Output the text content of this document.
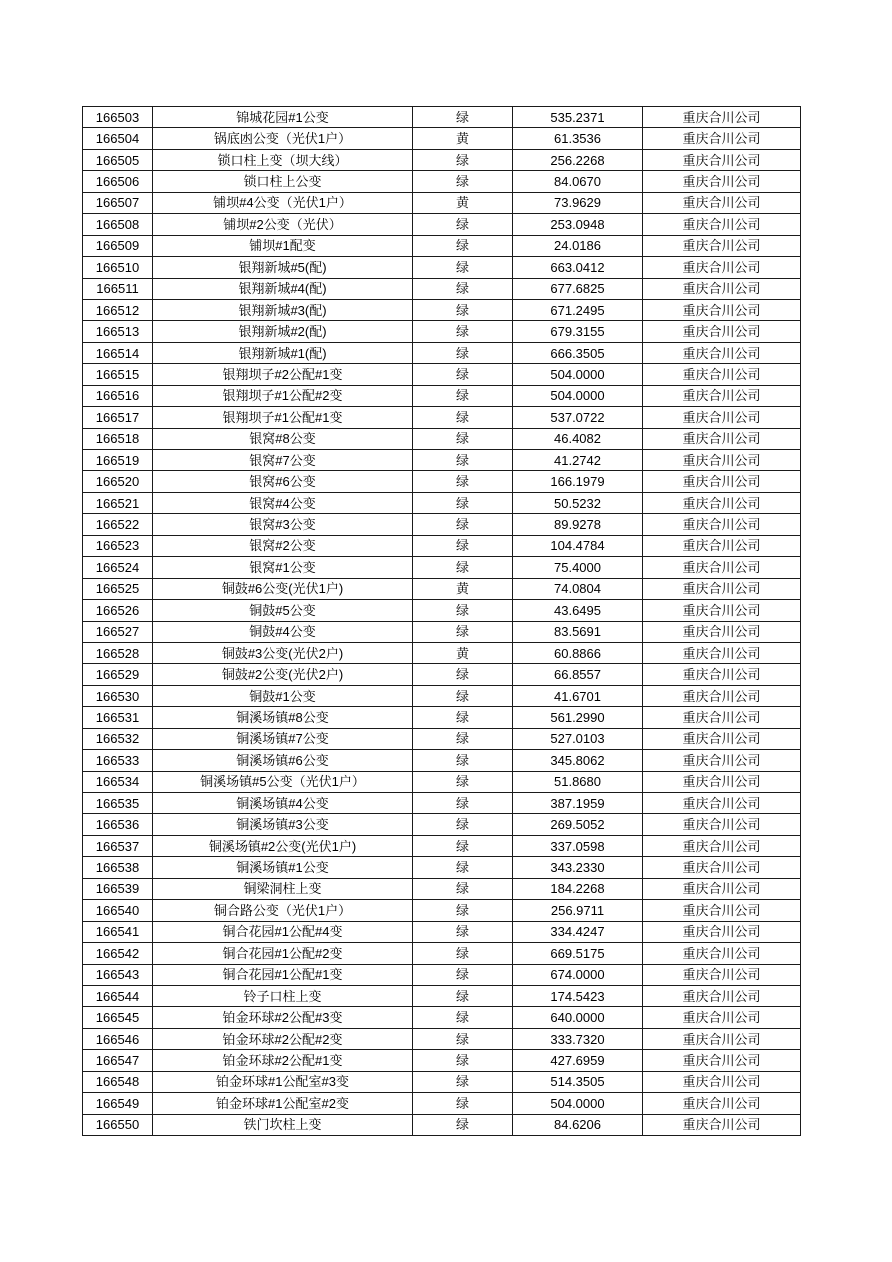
166503	锦城花园#1公变	绿	535.2371	重庆合川公司
166504	锅底凼公变（光伏1户）	黄	61.3536	重庆合川公司
166505	锁口柱上变（坝大线）	绿	256.2268	重庆合川公司
166506	锁口柱上公变	绿	84.0670	重庆合川公司
166507	铺坝#4公变（光伏1户）	黄	73.9629	重庆合川公司
166508	铺坝#2公变（光伏）	绿	253.0948	重庆合川公司
166509	铺坝#1配变	绿	24.0186	重庆合川公司
166510	银翔新城#5(配)	绿	663.0412	重庆合川公司
166511	银翔新城#4(配)	绿	677.6825	重庆合川公司
166512	银翔新城#3(配)	绿	671.2495	重庆合川公司
166513	银翔新城#2(配)	绿	679.3155	重庆合川公司
166514	银翔新城#1(配)	绿	666.3505	重庆合川公司
166515	银翔坝子#2公配#1变	绿	504.0000	重庆合川公司
166516	银翔坝子#1公配#2变	绿	504.0000	重庆合川公司
166517	银翔坝子#1公配#1变	绿	537.0722	重庆合川公司
166518	银窝#8公变	绿	46.4082	重庆合川公司
166519	银窝#7公变	绿	41.2742	重庆合川公司
166520	银窝#6公变	绿	166.1979	重庆合川公司
166521	银窝#4公变	绿	50.5232	重庆合川公司
166522	银窝#3公变	绿	89.9278	重庆合川公司
166523	银窝#2公变	绿	104.4784	重庆合川公司
166524	银窝#1公变	绿	75.4000	重庆合川公司
166525	铜鼓#6公变(光伏1户)	黄	74.0804	重庆合川公司
166526	铜鼓#5公变	绿	43.6495	重庆合川公司
166527	铜鼓#4公变	绿	83.5691	重庆合川公司
166528	铜鼓#3公变(光伏2户)	黄	60.8866	重庆合川公司
166529	铜鼓#2公变(光伏2户)	绿	66.8557	重庆合川公司
166530	铜鼓#1公变	绿	41.6701	重庆合川公司
166531	铜溪场镇#8公变	绿	561.2990	重庆合川公司
166532	铜溪场镇#7公变	绿	527.0103	重庆合川公司
166533	铜溪场镇#6公变	绿	345.8062	重庆合川公司
166534	铜溪场镇#5公变（光伏1户）	绿	51.8680	重庆合川公司
166535	铜溪场镇#4公变	绿	387.1959	重庆合川公司
166536	铜溪场镇#3公变	绿	269.5052	重庆合川公司
166537	铜溪场镇#2公变(光伏1户)	绿	337.0598	重庆合川公司
166538	铜溪场镇#1公变	绿	343.2330	重庆合川公司
166539	铜梁洞柱上变	绿	184.2268	重庆合川公司
166540	铜合路公变（光伏1户）	绿	256.9711	重庆合川公司
166541	铜合花园#1公配#4变	绿	334.4247	重庆合川公司
166542	铜合花园#1公配#2变	绿	669.5175	重庆合川公司
166543	铜合花园#1公配#1变	绿	674.0000	重庆合川公司
166544	铃子口柱上变	绿	174.5423	重庆合川公司
166545	铂金环球#2公配#3变	绿	640.0000	重庆合川公司
166546	铂金环球#2公配#2变	绿	333.7320	重庆合川公司
166547	铂金环球#2公配#1变	绿	427.6959	重庆合川公司
166548	铂金环球#1公配室#3变	绿	514.3505	重庆合川公司
166549	铂金环球#1公配室#2变	绿	504.0000	重庆合川公司
166550	铁门坎柱上变	绿	84.6206	重庆合川公司
